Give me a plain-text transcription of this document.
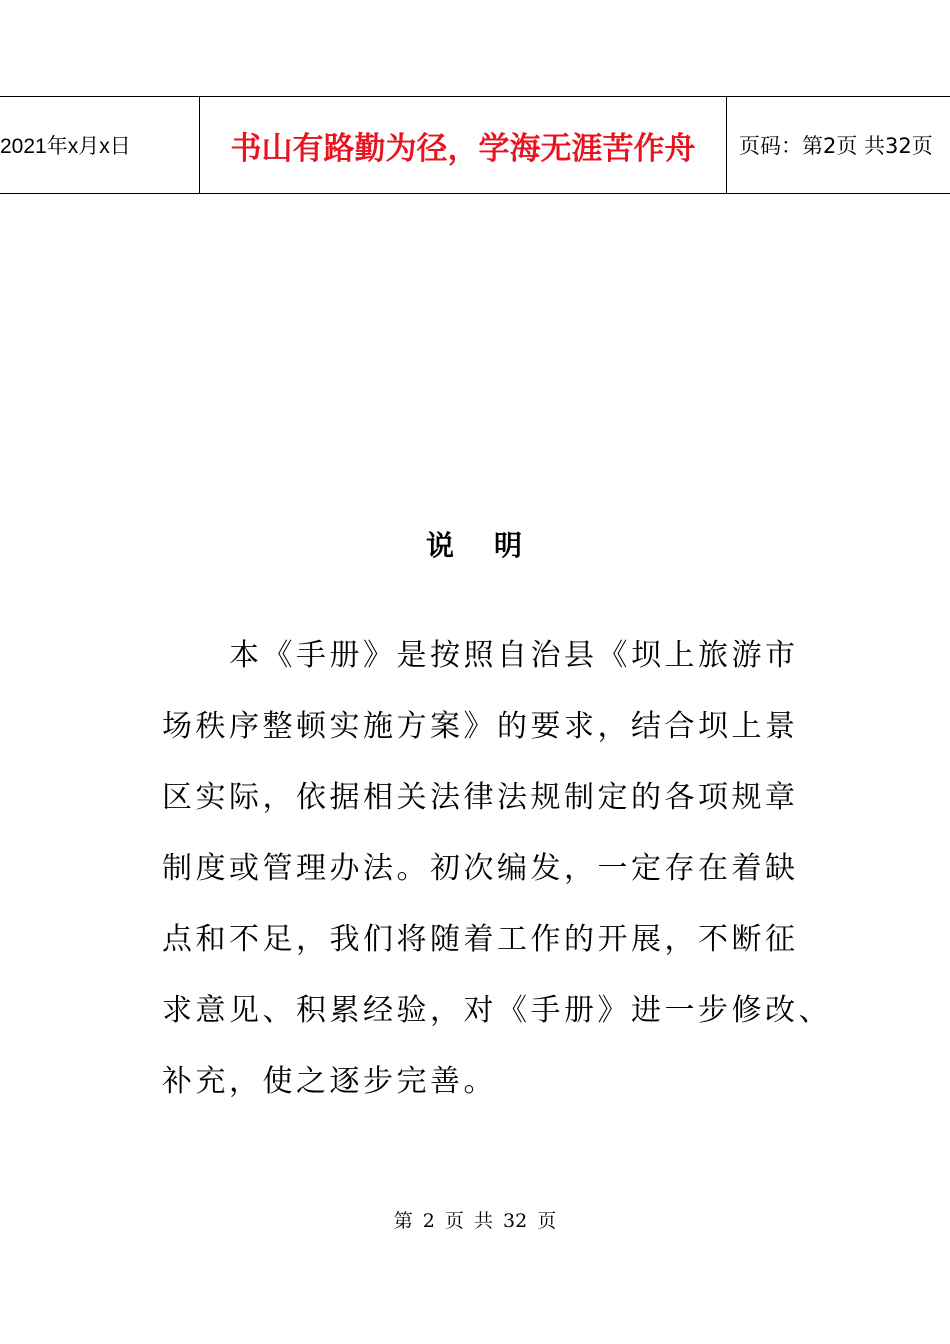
2021年x月x日	书山有路勤为径，学海无涯苦作舟	页码：第2页 共32页
说 明
　　本《手册》是按照自治县《坝上旅游市
场秩序整顿实施方案》的要求，结合坝上景
区实际，依据相关法律法规制定的各项规章
制度或管理办法。初次编发，一定存在着缺
点和不足，我们将随着工作的开展，不断征
求意见、积累经验，对《手册》进一步修改、
补充，使之逐步完善。
第 2 页 共 32 页
